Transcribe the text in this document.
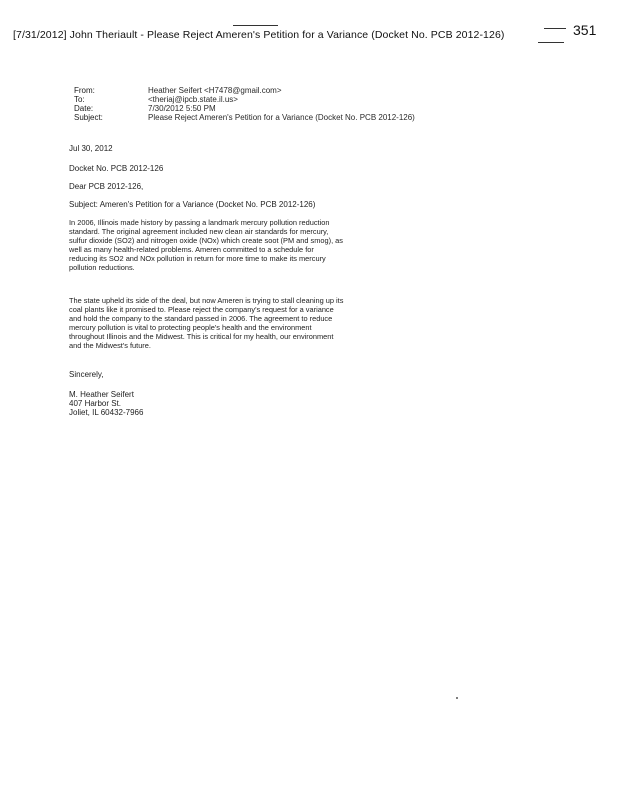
[7/31/2012] John Theriault - Please Reject Ameren's Petition for a Variance (Docket No. PCB 2012-126)	351
From:	Heather Seifert <H7478@gmail.com>
To:	<theriaj@ipcb.state.il.us>
Date:	7/30/2012 5:50 PM
Subject:	Please Reject Ameren's Petition for a Variance (Docket No. PCB 2012-126)
Jul 30, 2012
Docket No. PCB 2012-126
Dear PCB 2012-126,
Subject: Ameren's Petition for a Variance (Docket No. PCB 2012-126)
In 2006, Illinois made history by passing a landmark mercury pollution reduction standard. The original agreement included new clean air standards for mercury, sulfur dioxide (SO2) and nitrogen oxide (NOx) which create soot (PM and smog), as well as many health-related problems. Ameren committed to a schedule for reducing its SO2 and NOx pollution in return for more time to make its mercury pollution reductions.
The state upheld its side of the deal, but now Ameren is trying to stall cleaning up its coal plants like it promised to. Please reject the company's request for a variance and hold the company to the standard passed in 2006. The agreement to reduce mercury pollution is vital to protecting people's health and the environment throughout Illinois and the Midwest. This is critical for my health, our environment and the Midwest's future.
Sincerely,
M. Heather Seifert
407 Harbor St.
Joliet, IL 60432-7966
